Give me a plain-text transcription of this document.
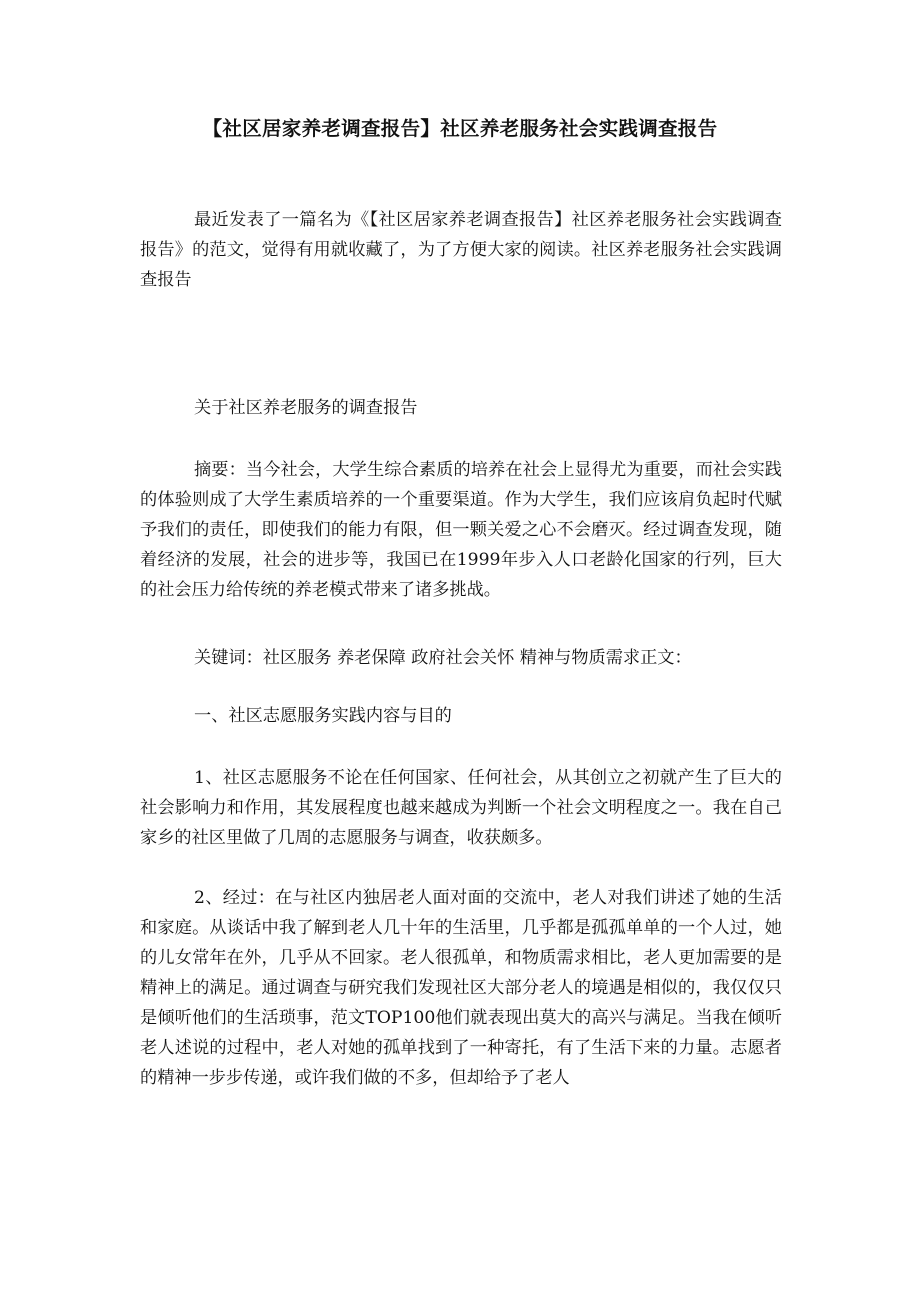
【社区居家养老调查报告】社区养老服务社会实践调查报告

最近发表了一篇名为《【社区居家养老调查报告】社区养老服务社会实践调查报告》的范文，觉得有用就收藏了，为了方便大家的阅读。社区养老服务社会实践调查报告

关于社区养老服务的调查报告

摘要：当今社会，大学生综合素质的培养在社会上显得尤为重要，而社会实践的体验则成了大学生素质培养的一个重要渠道。作为大学生，我们应该肩负起时代赋予我们的责任，即使我们的能力有限，但一颗关爱之心不会磨灭。经过调查发现，随着经济的发展，社会的进步等，我国已在1999年步入人口老龄化国家的行列，巨大的社会压力给传统的养老模式带来了诸多挑战。

关键词：社区服务 养老保障 政府社会关怀 精神与物质需求正文：

一、社区志愿服务实践内容与目的

1、社区志愿服务不论在任何国家、任何社会，从其创立之初就产生了巨大的社会影响力和作用，其发展程度也越来越成为判断一个社会文明程度之一。我在自己家乡的社区里做了几周的志愿服务与调查，收获颇多。

2、经过：在与社区内独居老人面对面的交流中，老人对我们讲述了她的生活和家庭。从谈话中我了解到老人几十年的生活里，几乎都是孤孤单单的一个人过，她的儿女常年在外，几乎从不回家。老人很孤单，和物质需求相比，老人更加需要的是精神上的满足。通过调查与研究我们发现社区大部分老人的境遇是相似的，我仅仅只是倾听他们的生活琐事，范文TOP100他们就表现出莫大的高兴与满足。当我在倾听老人述说的过程中，老人对她的孤单找到了一种寄托，有了生活下来的力量。志愿者的精神一步步传递，或许我们做的不多，但却给予了老人
